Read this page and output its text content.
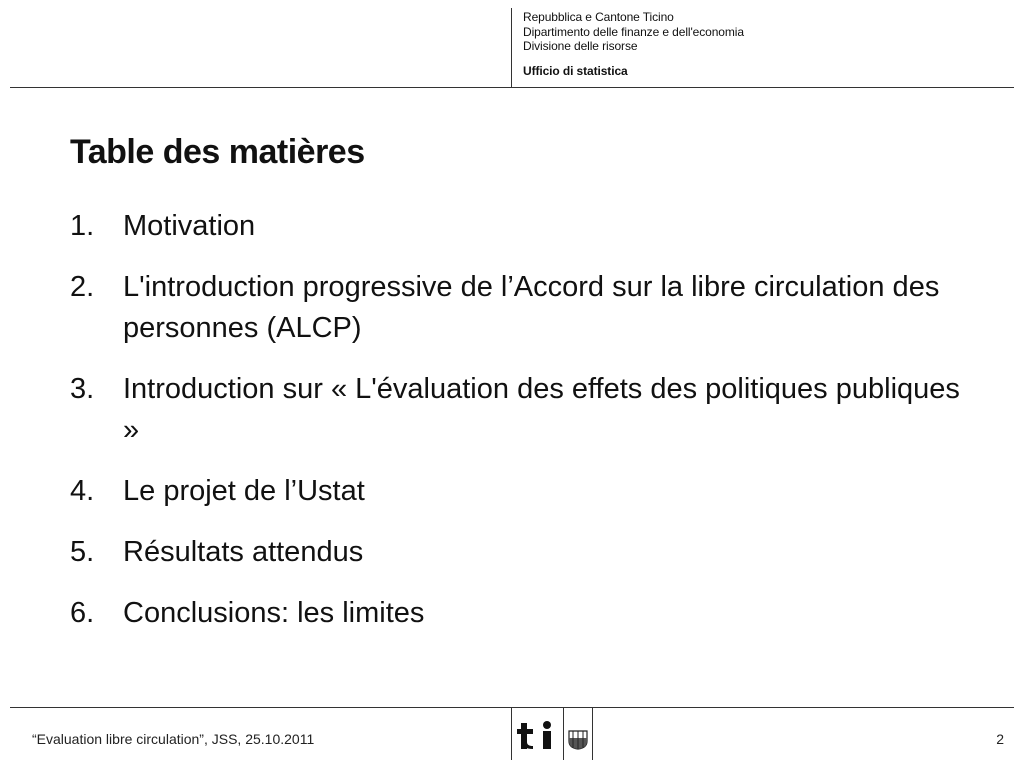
Repubblica e Cantone Ticino
Dipartimento delle finanze e dell'economia
Divisione delle risorse
Ufficio di statistica
Table des matières
1. Motivation
2. L'introduction progressive de l’Accord sur la libre circulation des personnes (ALCP)
3. Introduction sur « L'évaluation des effets des politiques publiques »
4. Le projet de l’Ustat
5. Résultats attendus
6. Conclusions: les limites
“Evaluation libre circulation”, JSS, 25.10.2011	2
